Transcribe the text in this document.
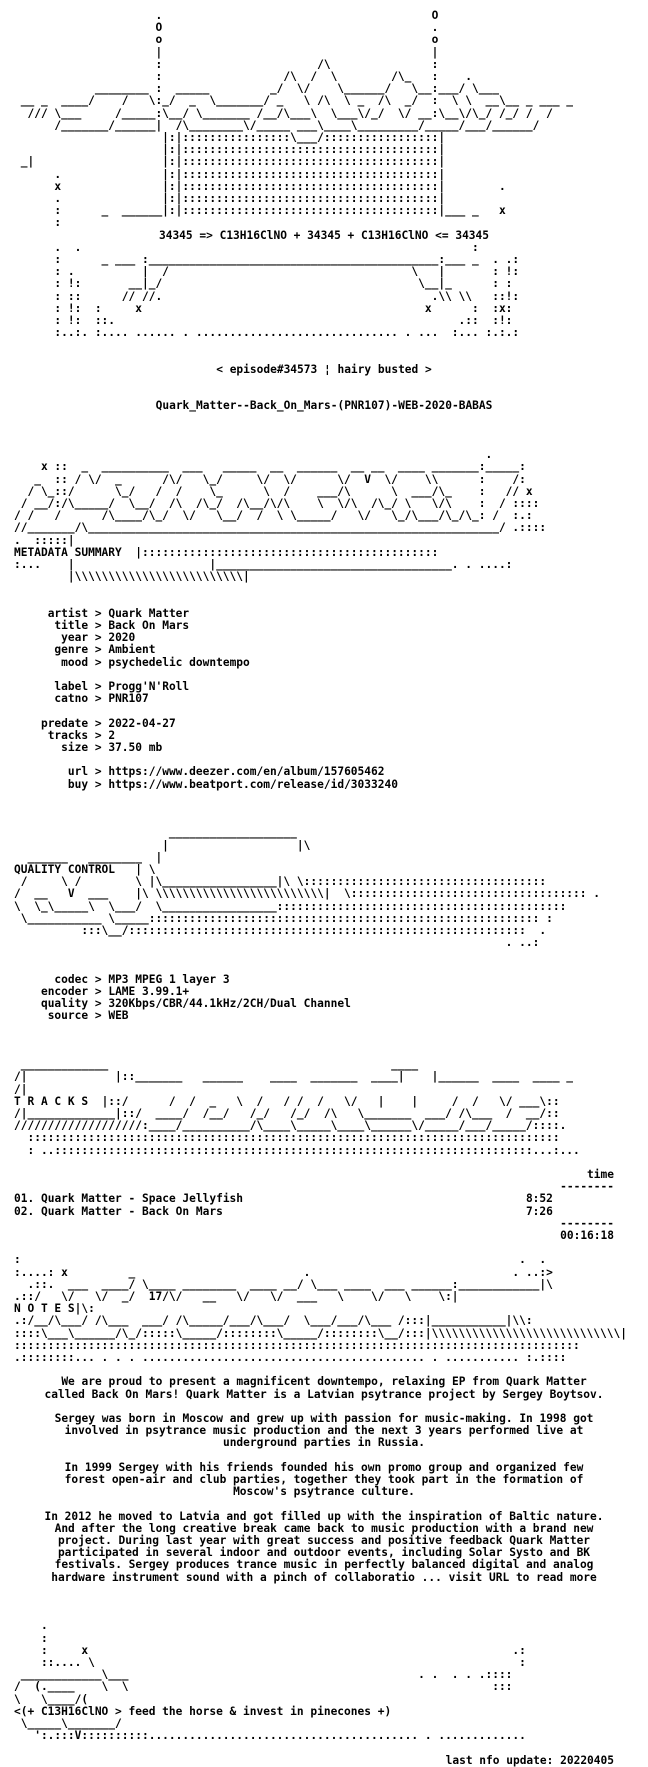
.                                        O
O                                        .
o                                        o
|                                        |
:                       /\               :
:                  /\  /  \        /\_   :    .
________ :  _____         _/  \/    \______/   \__:___/ \___
__ _  ____/    /   \:_/  _  \_______/ _   \ /\  \ _  /\  _/  :  \ \  __\__ _ ___ _
/// \___     /_____:\__/ \_______ /__/\___\  \___\/_/  \/ __:\__\/\_/ /_/ /  /
/_______/______|  /\________\/_____ ___\____\_________/_____/___/______/
|:|::::::::::::::::\___/:::::::::::::::::|
|:|::::::::::::::::::::::::::::::::::::::|
_|                   |:|::::::::::::::::::::::::::::::::::::::|
.               |:|::::::::::::::::::::::::::::::::::::::|
x               |:|::::::::::::::::::::::::::::::::::::::|        .
.               |:|::::::::::::::::::::::::::::::::::::::|
:      _  ______|:|::::::::::::::::::::::::::::::::::::::|___ _   x
:
34345 => C13H16ClNO + 34345 + C13H16ClNO <= 34345
.  .                                                          :
:      _ ___ :___________________________________________:___ _  . .:
: .          |  /                                    \   |       : !:
: !:       __|_/                                      \__|_      : :
: ::      // //.                                        .\\ \\   ::!:
: !:  :     x                                          x      :  :x:
: !:  ::.                                                   .::  :!:
:..:. :.... ...... . .............................. . ...  :... :.:.:
< episode#34573 ¦ hairy busted >
Quark_Matter--Back_On_Mars-(PNR107)-WEB-2020-BABAS
.
x ::  _  __________  ___   _____  __  ______  __ __  ____ _______:_____:
_  :: / \/  _      /\/   \_/     \/  \/      \/  V  \/    \\      :    /:
/ \_::/      \_/   /  /    \_      \  /    ___/\      \  ___/\_    :   // x
/ __/:/\_____/  \__/  /\  /\_/  /\__/\/\    \  \/\  /\_/ \   \/\    :  / ::::
/ /   /      /\____/\_/  \/   \__/  /  \ \_____/   \/   \_/\___/\_/\_: /  :.:
//_______/\_____________________________________________________________/ .::::
.  :::::|
METADATA SUMMARY  |::::::::::::::::::::::::::::::::::::::::::::
:...    |                    |___________________________________. . ....:
|\\\\\\\\\\\\\\\\\\\\\\\\\|
artist > Quark Matter
title > Back On Mars
year > 2020
genre > Ambient
mood > psychedelic downtempo
label > Progg'N'Roll
catno > PNR107
predate > 2022-04-27
tracks > 2
size > 37.50 mb
url > https://www.deezer.com/en/album/157605462
buy > https://www.beatport.com/release/id/3033240
___________________
|                   |\
______   ________  |
QUALITY CONTROL   | \
/     \ /        \ |\_________________|\ \::::::::::::::::::::::::::::::::::::
/  __   V  ___    |\ \\\\\\\\\\\\\\\\\\\\\\\\\|  \::::::::::::::::::::::::::::::::::: .
\  \_\_____\  \___/  \_________________:::::::::::::::::::::::::::::::::::::::::::
\___________ \_____:::::::::::::::::::::::::::::::::::::::::::::::::::::::::: :
:::\__/:::::::::::::::::::::::::::::::::::::::::::::::::::::::::::  .
. ..:
codec > MP3 MPEG 1 layer 3
encoder > LAME 3.99.1+
quality > 320Kbps/CBR/44.1kHz/2CH/Dual Channel
source > WEB
_____________                                          ____
/|             |::_______   ______    ____  _______  ____|    |______  ____  ____ _
/|
T R A C K S  |::/      /  /  _   \  /   / /  /   \/   |    |     /  /   \/ ___\::
/|_____________|::/  ____/  /__/   /_/   /_/  /\   \_______  ___/ /\___  /  __/::
///////////////////:____/__________/\____\_____\____\______\/_____/___/_____/::::.
:::::::::::::::::::::::::::::::::::::::::::::::::::::::::::::::::::::::::::::::
: ..:::::::::::::::::::::::::::::::::::::::::::::::::::::::::::::::::::::::...:...
time
--------
01. Quark Matter - Space Jellyfish	8:52
02. Quark Matter - Back On Mars	7:26
--------
00:16:18
:                                                                          .  .
:....: x         _                         .                              . ..:>
.::.  ___  ____/ \____ ________  ____ __/ \___ ____  ___ ______:____________|\
.::/   \/   \/  _/  17/\/   __   \/   \/  ___   \    \/   \    \:|
N O T E S|\:
.:/__/\___/ /\___  ___/ /\_____/___/\___/  \___/___/\___ /:::|___________|\\:
::::\___\______/\_/:::::\_____/::::::::\_____/::::::::\__/:::|\\\\\\\\\\\\\\\\\\\\\\\\\\\\|
::::::::::::::::::::::::::::::::::::::::::::::::::::::::::::::::::::::::::::::::::::
.::::::::... . . . .......................................... . ........... :.::::

We are proud to present a magnificent downtempo, relaxing EP from Quark Matter called Back On Mars! Quark Matter is a Latvian psytrance project by Sergey Boytsov.

Sergey was born in Moscow and grew up with passion for music-making. In 1998 got involved in psytrance music production and the next 3 years performed live at underground parties in Russia.

In 1999 Sergey with his friends founded his own promo group and organized few forest open-air and club parties, together they took part in the formation of Moscow's psytrance culture.

In 2012 he moved to Latvia and got filled up with the inspiration of Baltic nature. And after the long creative break came back to music production with a brand new project. During last year with great success and positive feedback Quark Matter participated in several indoor and outdoor events, including Solar Systo and BK festivals. Sergey produces trance music in perfectly balanced digital and analog hardware instrument sound with a pinch of collaboratio ... visit URL to read more

.
:
:     x                                                               .:
::.... \                                                               :
____________\___                                           . .  . . .::::
/  (.____    \  \                                                      :::
\   \____/(
<(+ C13H16ClNO > feed the horse & invest in pinecones +)
\_____\_______/
':.:::V::::::::::........................................ . .............
last nfo update: 20220405
